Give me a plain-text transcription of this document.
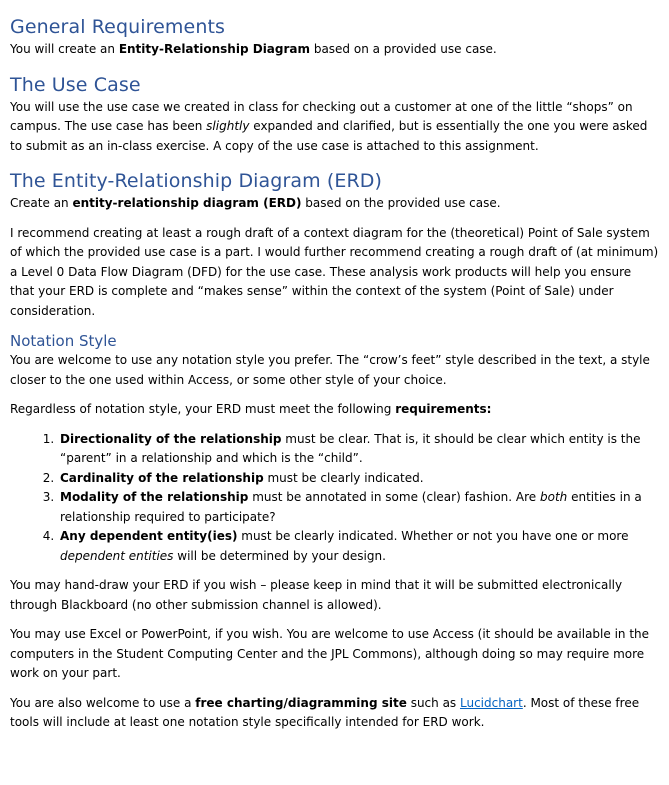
General Requirements

You will create an Entity-Relationship Diagram based on a provided use case.

The Use Case

You will use the use case we created in class for checking out a customer at one of the little “shops” on campus. The use case has been slightly expanded and clarified, but is essentially the one you were asked to submit as an in-class exercise. A copy of the use case is attached to this assignment.

The Entity-Relationship Diagram (ERD)

Create an entity-relationship diagram (ERD) based on the provided use case.

I recommend creating at least a rough draft of a context diagram for the (theoretical) Point of Sale system of which the provided use case is a part. I would further recommend creating a rough draft of (at minimum) a Level 0 Data Flow Diagram (DFD) for the use case. These analysis work products will help you ensure that your ERD is complete and “makes sense” within the context of the system (Point of Sale) under consideration.

Notation Style

You are welcome to use any notation style you prefer. The “crow’s feet” style described in the text, a style closer to the one used within Access, or some other style of your choice.

Regardless of notation style, your ERD must meet the following requirements:

1. Directionality of the relationship must be clear. That is, it should be clear which entity is the “parent” in a relationship and which is the “child”.
2. Cardinality of the relationship must be clearly indicated.
3. Modality of the relationship must be annotated in some (clear) fashion. Are both entities in a relationship required to participate?
4. Any dependent entity(ies) must be clearly indicated. Whether or not you have one or more dependent entities will be determined by your design.

You may hand-draw your ERD if you wish – please keep in mind that it will be submitted electronically through Blackboard (no other submission channel is allowed).

You may use Excel or PowerPoint, if you wish. You are welcome to use Access (it should be available in the computers in the Student Computing Center and the JPL Commons), although doing so may require more work on your part.

You are also welcome to use a free charting/diagramming site such as Lucidchart. Most of these free tools will include at least one notation style specifically intended for ERD work.
